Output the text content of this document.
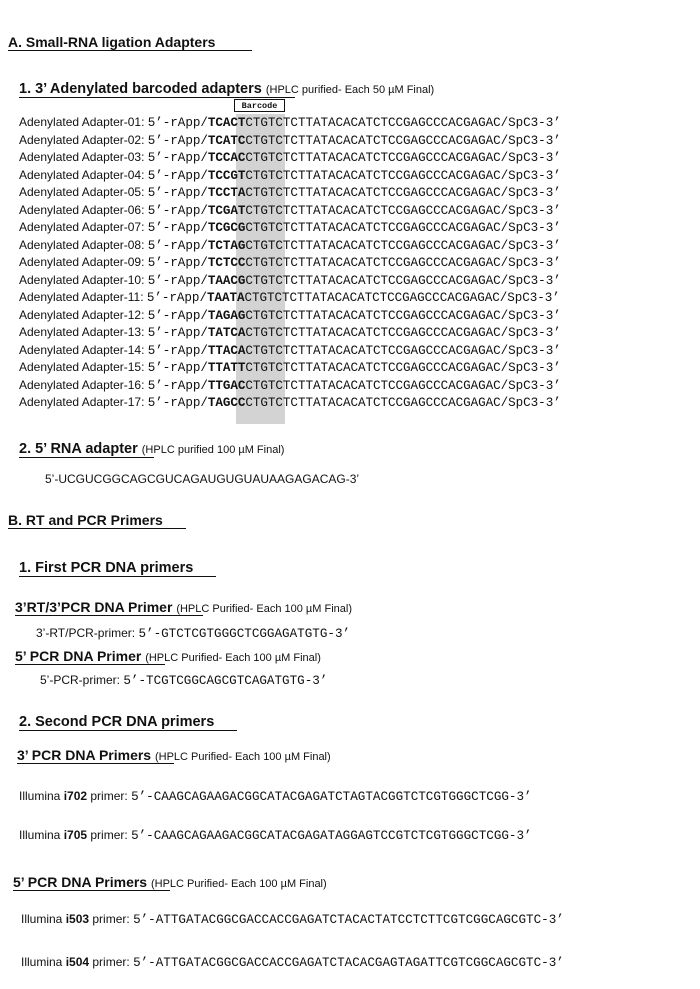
A. Small-RNA ligation Adapters
1. 3’ Adenylated barcoded adapters (HPLC purified- Each 50 µM Final)
Barcode
Adenylated Adapter-01: 5’-rApp/TCACTCTGTCTCTTATACACATCTCCGAGCCCACGAGAC/SpC3-3’
Adenylated Adapter-02: 5’-rApp/TCATCCTGTCTCTTATACACATCTCCGAGCCCACGAGAC/SpC3-3’
Adenylated Adapter-03: 5’-rApp/TCCACCTGTCTCTTATACACATCTCCGAGCCCACGAGAC/SpC3-3’
Adenylated Adapter-04: 5’-rApp/TCCGTCTGTCTCTTATACACATCTCCGAGCCCACGAGAC/SpC3-3’
Adenylated Adapter-05: 5’-rApp/TCCTACTGTCTCTTATACACATCTCCGAGCCCACGAGAC/SpC3-3’
Adenylated Adapter-06: 5’-rApp/TCGATCTGTCTCTTATACACATCTCCGAGCCCACGAGAC/SpC3-3’
Adenylated Adapter-07: 5’-rApp/TCGCGCTGTCTCTTATACACATCTCCGAGCCCACGAGAC/SpC3-3’
Adenylated Adapter-08: 5’-rApp/TCTAGCTGTCTCTTATACACATCTCCGAGCCCACGAGAC/SpC3-3’
Adenylated Adapter-09: 5’-rApp/TCTCCCTGTCTCTTATACACATCTCCGAGCCCACGAGAC/SpC3-3’
Adenylated Adapter-10: 5’-rApp/TAACGCTGTCTCTTATACACATCTCCGAGCCCACGAGAC/SpC3-3’
Adenylated Adapter-11: 5’-rApp/TAATACTGTCTCTTATACACATCTCCGAGCCCACGAGAC/SpC3-3’
Adenylated Adapter-12: 5’-rApp/TAGAGCTGTCTCTTATACACATCTCCGAGCCCACGAGAC/SpC3-3’
Adenylated Adapter-13: 5’-rApp/TATCACTGTCTCTTATACACATCTCCGAGCCCACGAGAC/SpC3-3’
Adenylated Adapter-14: 5’-rApp/TTACACTGTCTCTTATACACATCTCCGAGCCCACGAGAC/SpC3-3’
Adenylated Adapter-15: 5’-rApp/TTATTCTGTCTCTTATACACATCTCCGAGCCCACGAGAC/SpC3-3’
Adenylated Adapter-16: 5’-rApp/TTGACCTGTCTCTTATACACATCTCCGAGCCCACGAGAC/SpC3-3’
Adenylated Adapter-17: 5’-rApp/TAGCCCTGTCTCTTATACACATCTCCGAGCCCACGAGAC/SpC3-3’
2. 5’ RNA adapter (HPLC purified 100 µM Final)
5’-UCGUCGGCAGCGUCAGAUGUGUAUAAGAGACAG-3’
B. RT and PCR Primers
1. First PCR DNA primers
3’RT/3’PCR DNA Primer (HPLC Purified- Each 100 µM Final)
3’-RT/PCR-primer: 5’-GTCTCGTGGGCTCGGAGATGTG-3’
5’ PCR DNA Primer (HPLC Purified- Each 100 µM Final)
5’-PCR-primer: 5’-TCGTCGGCAGCGTCAGATGTG-3’
2. Second PCR DNA primers
3’ PCR DNA Primers (HPLC Purified- Each 100 µM Final)
Illumina i702 primer: 5’-CAAGCAGAAGACGGCATACGAGATCTAGTACGGTCTCGTGGGCTCGG-3’
Illumina i705 primer: 5’-CAAGCAGAAGACGGCATACGAGATAGGAGTCCGTCTCGTGGGCTCGG-3’
5’ PCR DNA Primers (HPLC Purified- Each 100 µM Final)
Illumina i503 primer: 5’-ATTGATACGGCGACCACCGAGATCTACACTATCCTCTTCGTCGGCAGCGTC-3’
Illumina i504 primer: 5’-ATTGATACGGCGACCACCGAGATCTACACGAGTAGATTCGTCGGCAGCGTC-3’
